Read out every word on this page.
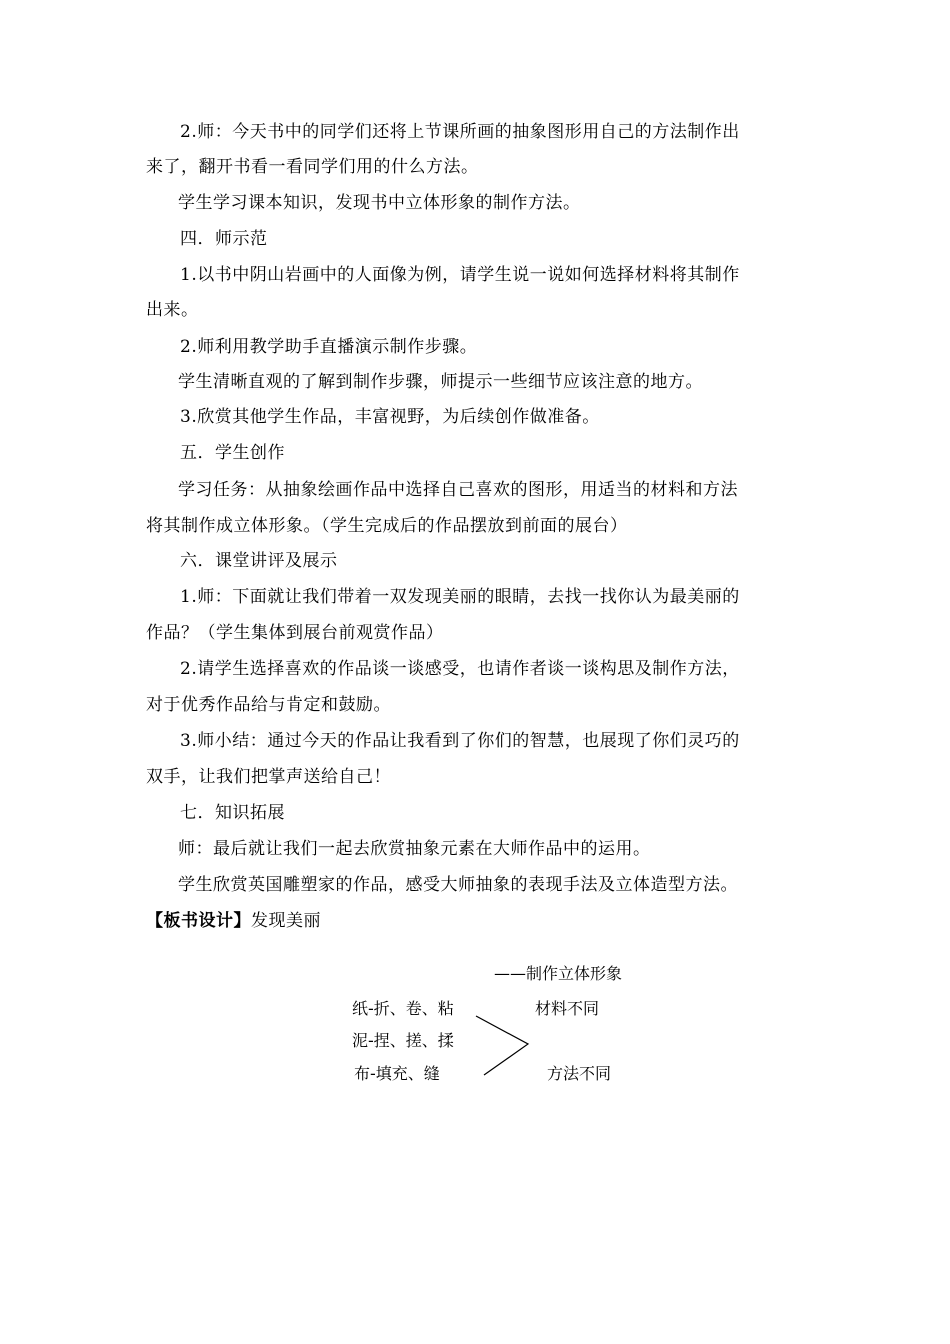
2.师：今天书中的同学们还将上节课所画的抽象图形用自己的方法制作出
来了，翻开书看一看同学们用的什么方法。
学生学习课本知识，发现书中立体形象的制作方法。
四．师示范
1.以书中阴山岩画中的人面像为例，请学生说一说如何选择材料将其制作
出来。
2.师利用教学助手直播演示制作步骤。
学生清晰直观的了解到制作步骤，师提示一些细节应该注意的地方。
3.欣赏其他学生作品，丰富视野，为后续创作做准备。
五．学生创作
学习任务：从抽象绘画作品中选择自己喜欢的图形，用适当的材料和方法
将其制作成立体形象。（学生完成后的作品摆放到前面的展台）
六．课堂讲评及展示
1.师：下面就让我们带着一双发现美丽的眼睛，去找一找你认为最美丽的
作品？（学生集体到展台前观赏作品）
2.请学生选择喜欢的作品谈一谈感受，也请作者谈一谈构思及制作方法，
对于优秀作品给与肯定和鼓励。
3.师小结：通过今天的作品让我看到了你们的智慧，也展现了你们灵巧的
双手，让我们把掌声送给自己！
七．知识拓展
师：最后就让我们一起去欣赏抽象元素在大师作品中的运用。
学生欣赏英国雕塑家的作品，感受大师抽象的表现手法及立体造型方法。
【板书设计】发现美丽
——制作立体形象
纸-折、卷、粘
泥-捏、搓、揉
布-填充、缝
材料不同
方法不同
